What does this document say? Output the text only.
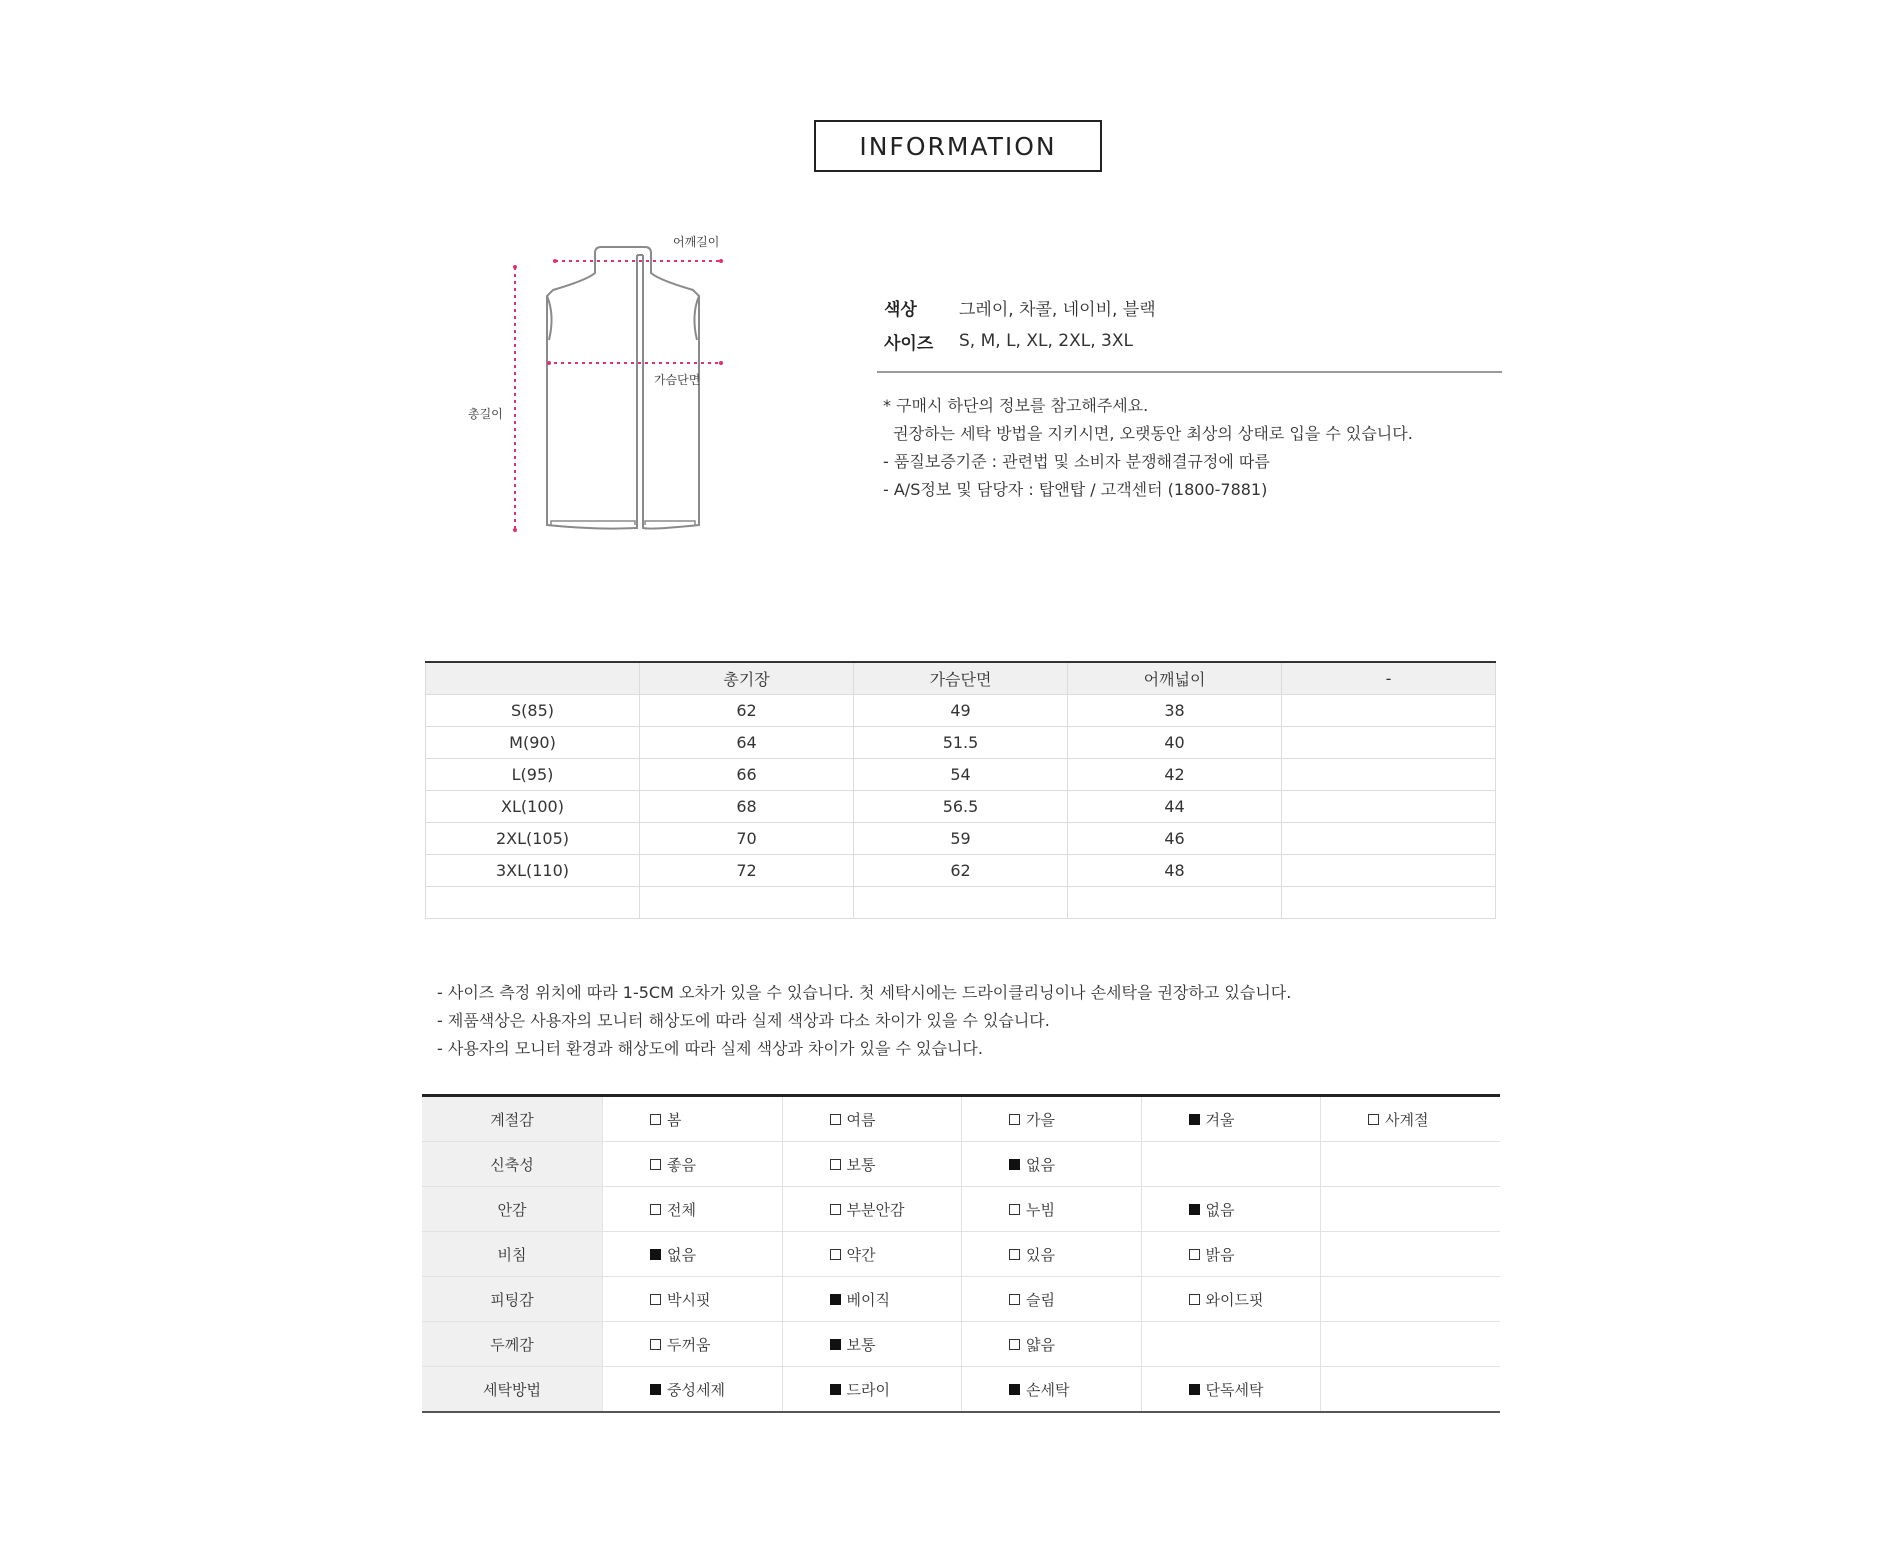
INFORMATION
어깨길이
가슴단면
총길이
색상	그레이, 차콜, 네이비, 블랙
사이즈	S, M, L, XL, 2XL, 3XL
* 구매시 하단의 정보를 참고해주세요.
권장하는 세탁 방법을 지키시면, 오랫동안 최상의 상태로 입을 수 있습니다.
- 품질보증기준 : 관련법 및 소비자 분쟁해결규정에 따름
- A/S정보 및 담당자 : 탑앤탑 / 고객센터 (1800-7881)
	총기장	가슴단면	어깨넓이	-
S(85)	62	49	38	
M(90)	64	51.5	40	
L(95)	66	54	42	
XL(100)	68	56.5	44	
2XL(105)	70	59	46	
3XL(110)	72	62	48	

- 사이즈 측정 위치에 따라 1-5CM 오차가 있을 수 있습니다. 첫 세탁시에는 드라이클리닝이나 손세탁을 권장하고 있습니다.
- 제품색상은 사용자의 모니터 해상도에 따라 실제 색상과 다소 차이가 있을 수 있습니다.
- 사용자의 모니터 환경과 해상도에 따라 실제 색상과 차이가 있을 수 있습니다.
계절감	봄	여름	가을	겨울	사계절
신축성	좋음	보통	없음		
안감	전체	부분안감	누빔	없음	
비침	없음	약간	있음	밝음	
피팅감	박시핏	베이직	슬림	와이드핏	
두께감	두꺼움	보통	얇음		
세탁방법	중성세제	드라이	손세탁	단독세탁	
